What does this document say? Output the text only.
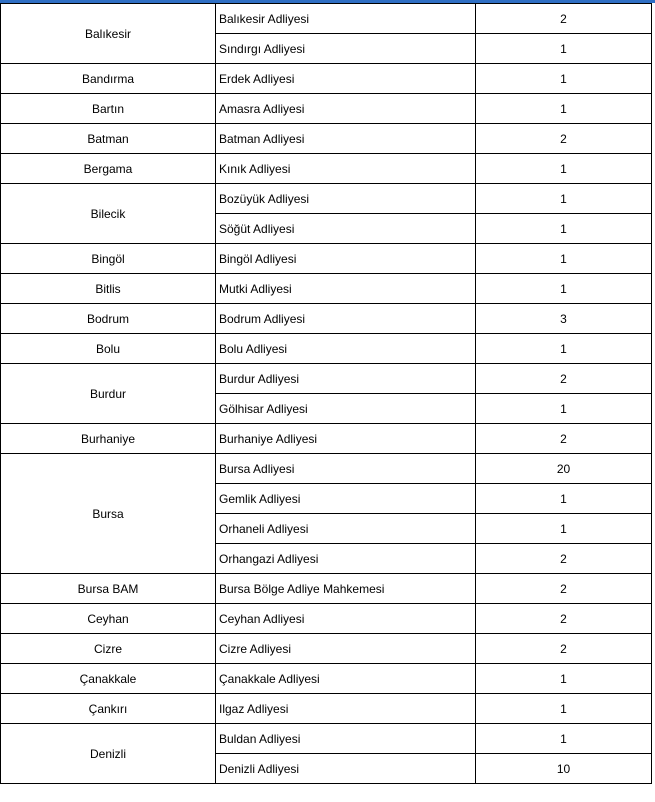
Balıkesir	Balıkesir Adliyesi	2
	Sındırgı Adliyesi	1
Bandırma	Erdek Adliyesi	1
Bartın	Amasra Adliyesi	1
Batman	Batman Adliyesi	2
Bergama	Kınık Adliyesi	1
Bilecik	Bozüyük Adliyesi	1
	Söğüt Adliyesi	1
Bingöl	Bingöl Adliyesi	1
Bitlis	Mutki Adliyesi	1
Bodrum	Bodrum Adliyesi	3
Bolu	Bolu Adliyesi	1
Burdur	Burdur Adliyesi	2
	Gölhisar Adliyesi	1
Burhaniye	Burhaniye Adliyesi	2
Bursa	Bursa Adliyesi	20
	Gemlik Adliyesi	1
	Orhaneli Adliyesi	1
	Orhangazi Adliyesi	2
Bursa BAM	Bursa Bölge Adliye Mahkemesi	2
Ceyhan	Ceyhan Adliyesi	2
Cizre	Cizre Adliyesi	2
Çanakkale	Çanakkale Adliyesi	1
Çankırı	Ilgaz Adliyesi	1
Denizli	Buldan Adliyesi	1
	Denizli Adliyesi	10
